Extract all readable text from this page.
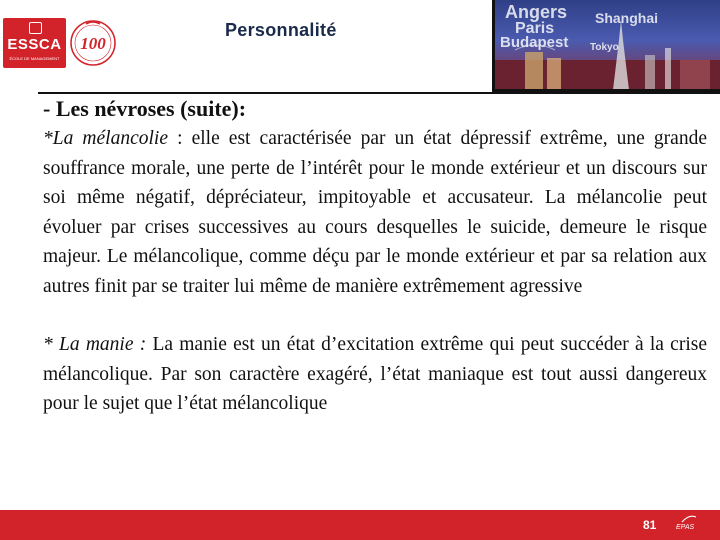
ESSCA
ÉCOLE DE MANAGEMENT
100
Personnalité
Angers Shanghai
Paris
Budapest Tokyo
- Les névroses (suite):

*La mélancolie : elle est caractérisée par un état dépressif extrême, une grande souffrance morale, une perte de l’intérêt pour le monde extérieur et un discours sur soi même négatif, dépréciateur, impitoyable et accusateur. La mélancolie peut évoluer par crises successives au cours desquelles le suicide, demeure le risque majeur. Le mélancolique, comme déçu par le monde extérieur et par sa relation aux autres finit par se traiter lui même de manière extrêmement agressive

* La manie : La manie est un état d’excitation extrême qui peut succéder à la crise mélancolique. Par son caractère exagéré, l’état maniaque est tout aussi dangereux pour le sujet que l’état mélancolique

81	EPAS
